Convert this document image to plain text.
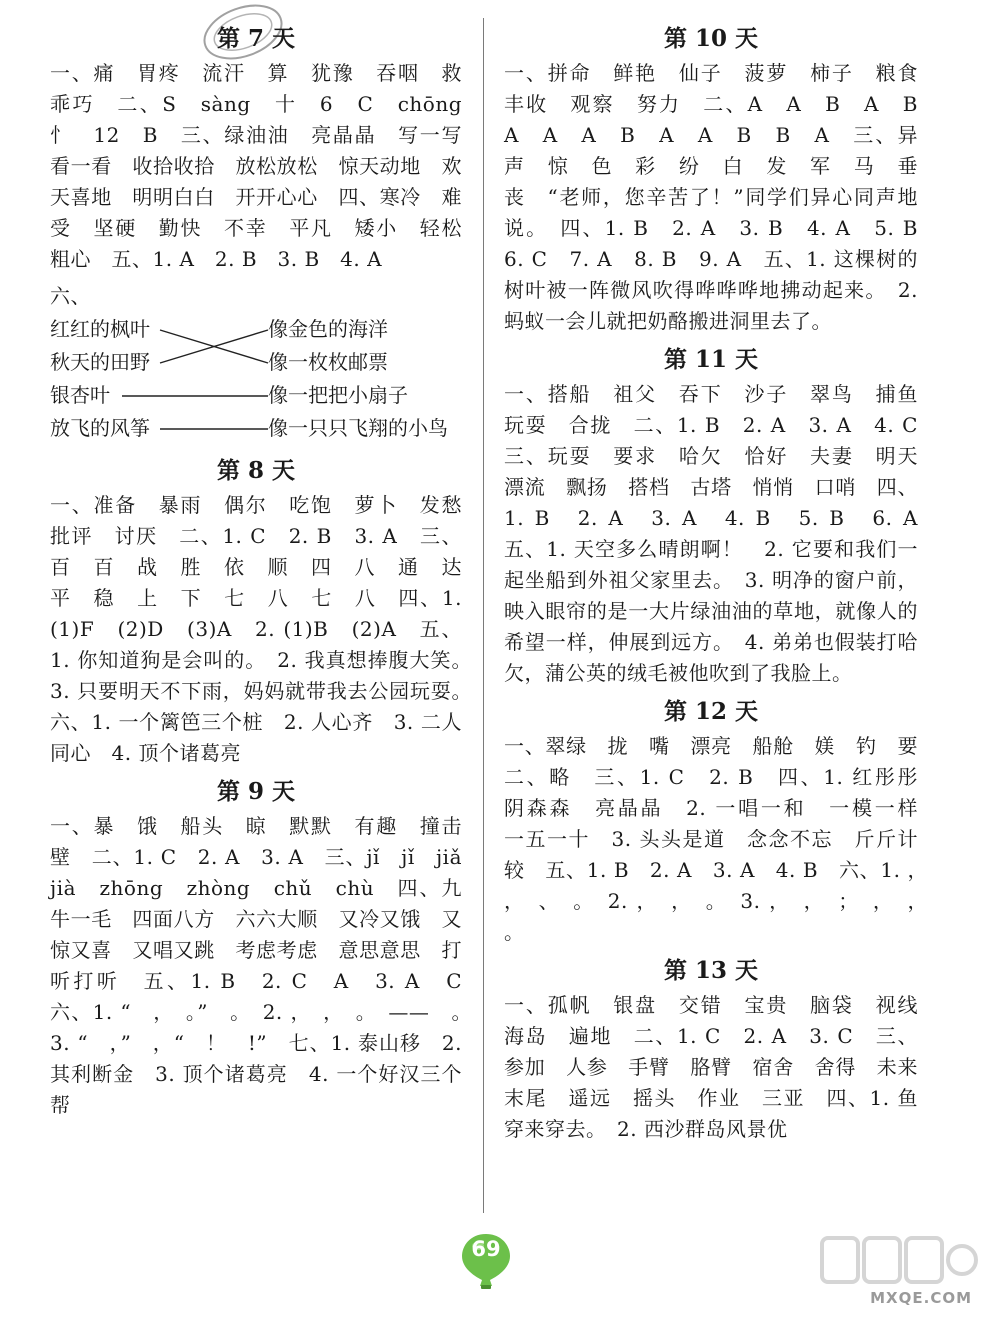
第 7 天

一、痛　胃疼　流汗　算　犹豫　吞咽　救　乖巧　二、S　sàng　十　6　C　chōng　忄　12　B　三、绿油油　亮晶晶　写一写　看一看　收拾收拾　放松放松　惊天动地　欢天喜地　明明白白　开开心心　四、寒冷　难受　坚硬　勤快　不幸　平凡　矮小　轻松　粗心　五、1. A　2. B　3. B　4. A

六、
红红的枫叶
秋天的田野
银杏叶
放飞的风筝
像金色的海洋
像一枚枚邮票
像一把把小扇子
像一只只飞翔的小鸟
第 8 天

一、准备　暴雨　偶尔　吃饱　萝卜　发愁　批评　讨厌　二、1. C　2. B　3. A　三、百　百　战　胜　依　顺　四　八　通　达　平　稳　上　下　七　八　七　八　四、1. (1)F　(2)D　(3)A　2. (1)B　(2)A　五、1. 你知道狗是会叫的。　2. 我真想捧腹大笑。　3. 只要明天不下雨，妈妈就带我去公园玩耍。　六、1. 一个篱笆三个桩　2. 人心齐　3. 二人同心　4. 顶个诸葛亮

第 9 天

一、暴　饿　船头　晾　默默　有趣　撞击　壁　二、1. C　2. A　3. A　三、jǐ　jǐ　jiǎ　jià　zhōng　zhòng　chǔ　chù　四、九牛一毛　四面八方　六六大顺　又冷又饿　又惊又喜　又唱又跳　考虑考虑　意思意思　打听打听　五、1. B　2. C　A　3. A　C　六、1. “　，　。”　。　2. ，　，　。　——　。　3. “　，”　，“　！　!”　七、1. 泰山移　2. 其利断金　3. 顶个诸葛亮　4. 一个好汉三个帮

第 10 天

一、拼命　鲜艳　仙子　菠萝　柿子　粮食　丰收　观察　努力　二、A　A　B　A　B　A　A　A　B　A　A　B　B　A　三、异　声　惊　色　彩　纷　白　发　军　马　垂　丧　“老师，您辛苦了！”同学们异心同声地说。　四、1. B　2. A　3. B　4. A　5. B　6. C　7. A　8. B　9. A　五、1. 这棵树的树叶被一阵微风吹得哗哗哗地拂动起来。　2. 蚂蚁一会儿就把奶酪搬进洞里去了。

第 11 天

一、搭船　祖父　吞下　沙子　翠鸟　捕鱼　玩耍　合拢　二、1. B　2. A　3. A　4. C　三、玩耍　要求　哈欠　恰好　夫妻　明天　漂流　飘扬　搭档　古塔　悄悄　口哨　四、1. B　2. A　3. A　4. B　5. B　6. A　五、1. 天空多么晴朗啊！　2. 它要和我们一起坐船到外祖父家里去。　3. 明净的窗户前，映入眼帘的是一大片绿油油的草地，就像人的希望一样，伸展到远方。　4. 弟弟也假装打哈欠，蒲公英的绒毛被他吹到了我脸上。

第 12 天

一、翠绿　拢　嘴　漂亮　船舱　媄　钓　要　二、略　三、1. C　2. B　四、1. 红彤彤　阴森森　亮晶晶　2. 一唱一和　一模一样　一五一十　3. 头头是道　念念不忘　斤斤计较　五、1. B　2. A　3. A　4. B　六、1. ，　，　、　。　2. ，　，　。　3. ，　，　；　，　，　。

第 13 天

一、孤帆　银盘　交错　宝贵　脑袋　视线　海岛　遍地　二、1. C　2. A　3. C　三、参加　人参　手臂　胳臂　宿舍　舍得　未来　末尾　遥远　摇头　作业　三亚　四、1. 鱼穿来穿去。　2. 西沙群岛风景优

69
MXQE.COM
